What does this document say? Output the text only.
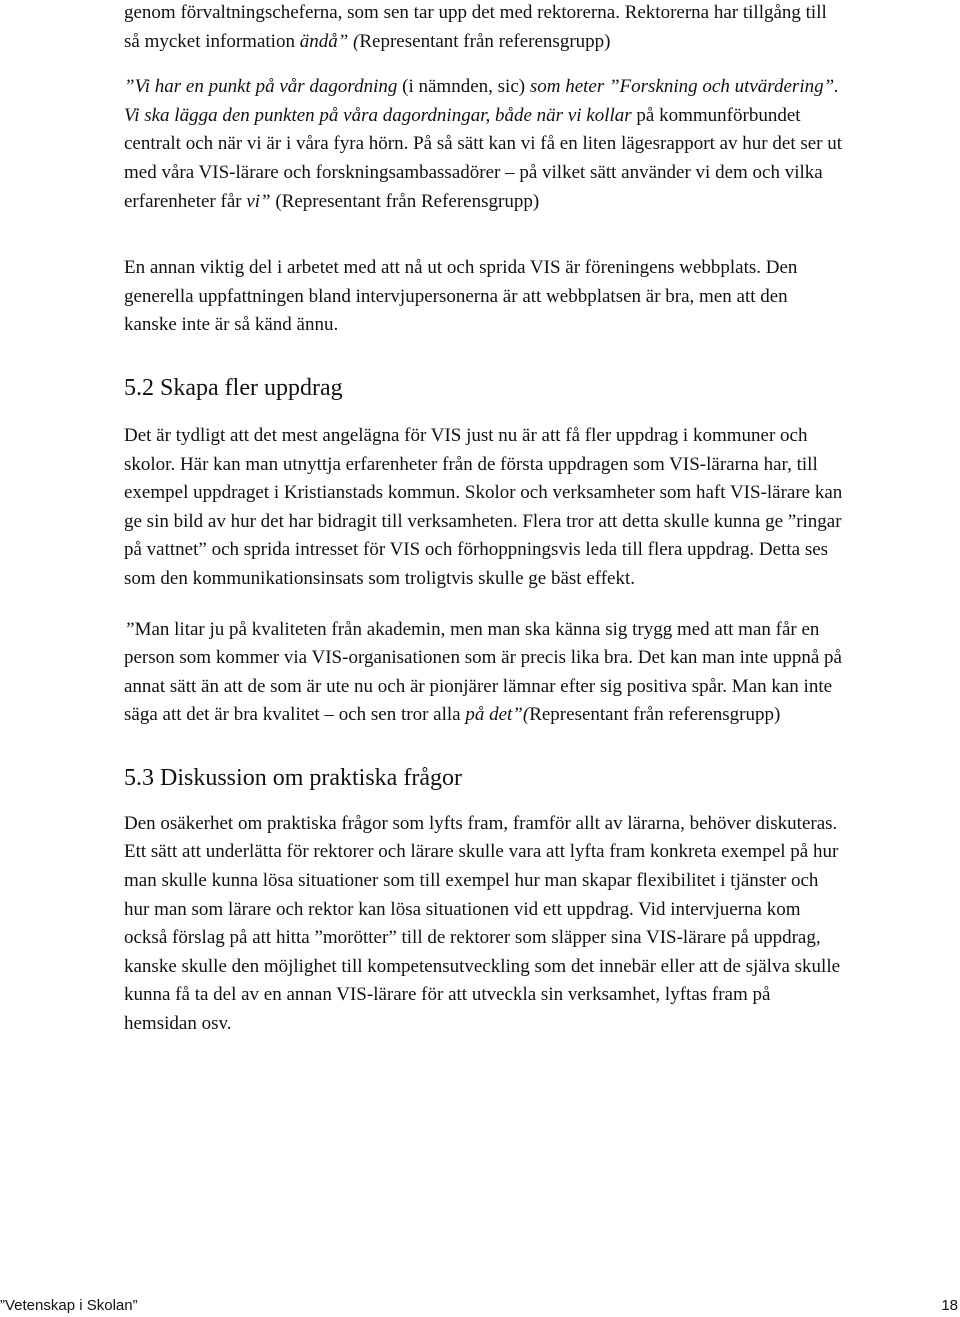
genom förvaltningscheferna, som sen tar upp det med rektorerna. Rektorerna har tillgång till så mycket information ändå” (Representant från referensgrupp)

”Vi har en punkt på vår dagordning (i nämnden, sic) som heter ”Forskning och utvärdering”. Vi ska lägga den punkten på våra dagordningar, både när vi kollar på kommunförbundet centralt och när vi är i våra fyra hörn. På så sätt kan vi få en liten lägesrapport av hur det ser ut med våra VIS-lärare och forskningsambassadörer – på vilket sätt använder vi dem och vilka erfarenheter får vi” (Representant från Referensgrupp)

En annan viktig del i arbetet med att nå ut och sprida VIS är föreningens webbplats. Den generella uppfattningen bland intervjupersonerna är att webbplatsen är bra, men att den kanske inte är så känd ännu.

5.2 Skapa fler uppdrag

Det är tydligt att det mest angelägna för VIS just nu är att få fler uppdrag i kommuner och skolor. Här kan man utnyttja erfarenheter från de första uppdragen som VIS-lärarna har, till exempel uppdraget i Kristianstads kommun. Skolor och verksamheter som haft VIS-lärare kan ge sin bild av hur det har bidragit till verksamheten. Flera tror att detta skulle kunna ge ”ringar på vattnet” och sprida intresset för VIS och förhoppningsvis leda till flera uppdrag. Detta ses som den kommunikationsinsats som troligtvis skulle ge bäst effekt.

”Man litar ju på kvaliteten från akademin, men man ska känna sig trygg med att man får en person som kommer via VIS-organisationen som är precis lika bra. Det kan man inte uppnå på annat sätt än att de som är ute nu och är pionjärer lämnar efter sig positiva spår. Man kan inte säga att det är bra kvalitet – och sen tror alla på det”(Representant från referensgrupp)

5.3 Diskussion om praktiska frågor

Den osäkerhet om praktiska frågor som lyfts fram, framför allt av lärarna, behöver diskuteras. Ett sätt att underlätta för rektorer och lärare skulle vara att lyfta fram konkreta exempel på hur man skulle kunna lösa situationer som till exempel hur man skapar flexibilitet i tjänster och hur man som lärare och rektor kan lösa situationen vid ett uppdrag. Vid intervjuerna kom också förslag på att hitta ”morötter” till de rektorer som släpper sina VIS-lärare på uppdrag, kanske skulle den möjlighet till kompetensutveckling som det innebär eller att de själva skulle kunna få ta del av en annan VIS-lärare för att utveckla sin verksamhet, lyftas fram på hemsidan osv.

”Vetenskap i Skolan”	18
